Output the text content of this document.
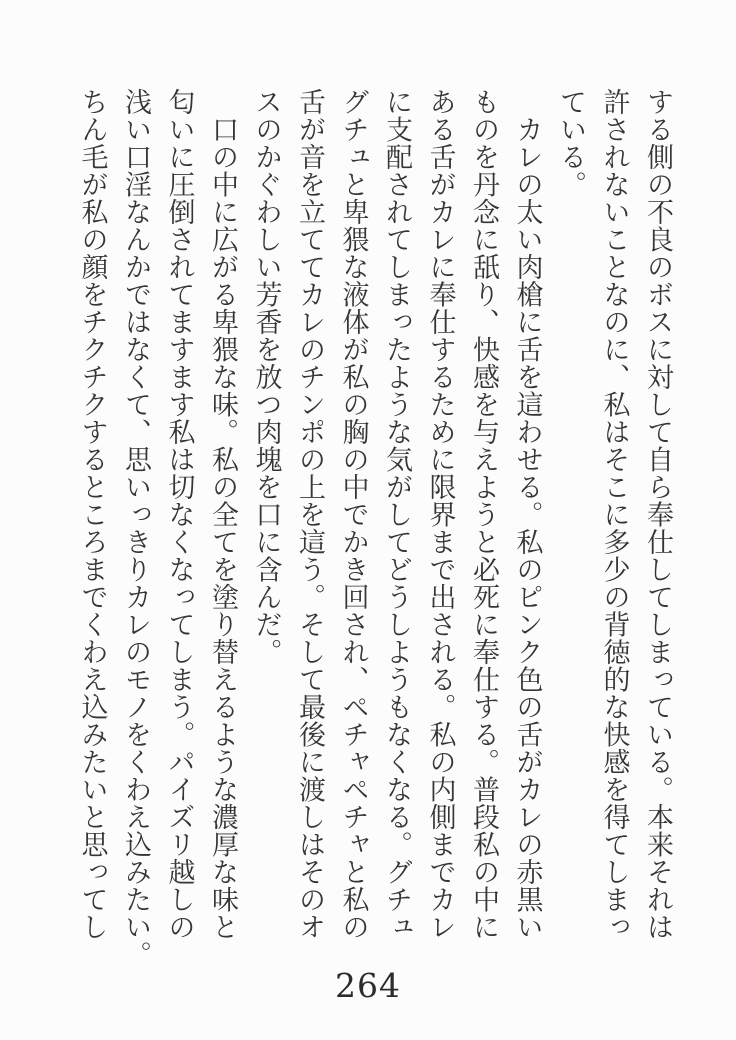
する側の不良のボスに対して自ら奉仕してしまっている。本来それは
許されないことなのに、私はそこに多少の背徳的な快感を得てしまっ
ている。
　カレの太い肉槍に舌を這わせる。私のピンク色の舌がカレの赤黒い
ものを丹念に舐り、快感を与えようと必死に奉仕する。普段私の中に
ある舌がカレに奉仕するために限界まで出される。私の内側までカレ
に支配されてしまったような気がしてどうしようもなくなる。グチュ
グチュと卑猥な液体が私の胸の中でかき回され、ペチャペチャと私の
舌が音を立ててカレのチンポの上を這う。そして最後に渡しはそのオ
スのかぐわしい芳香を放つ肉塊を口に含んだ。
　口の中に広がる卑猥な味。私の全てを塗り替えるような濃厚な味と
匂いに圧倒されてますます私は切なくなってしまう。パイズリ越しの
浅い口淫なんかではなくて、思いっきりカレのモノをくわえ込みたい。
ちん毛が私の顔をチクチクするところまでくわえ込みたいと思ってし
264
